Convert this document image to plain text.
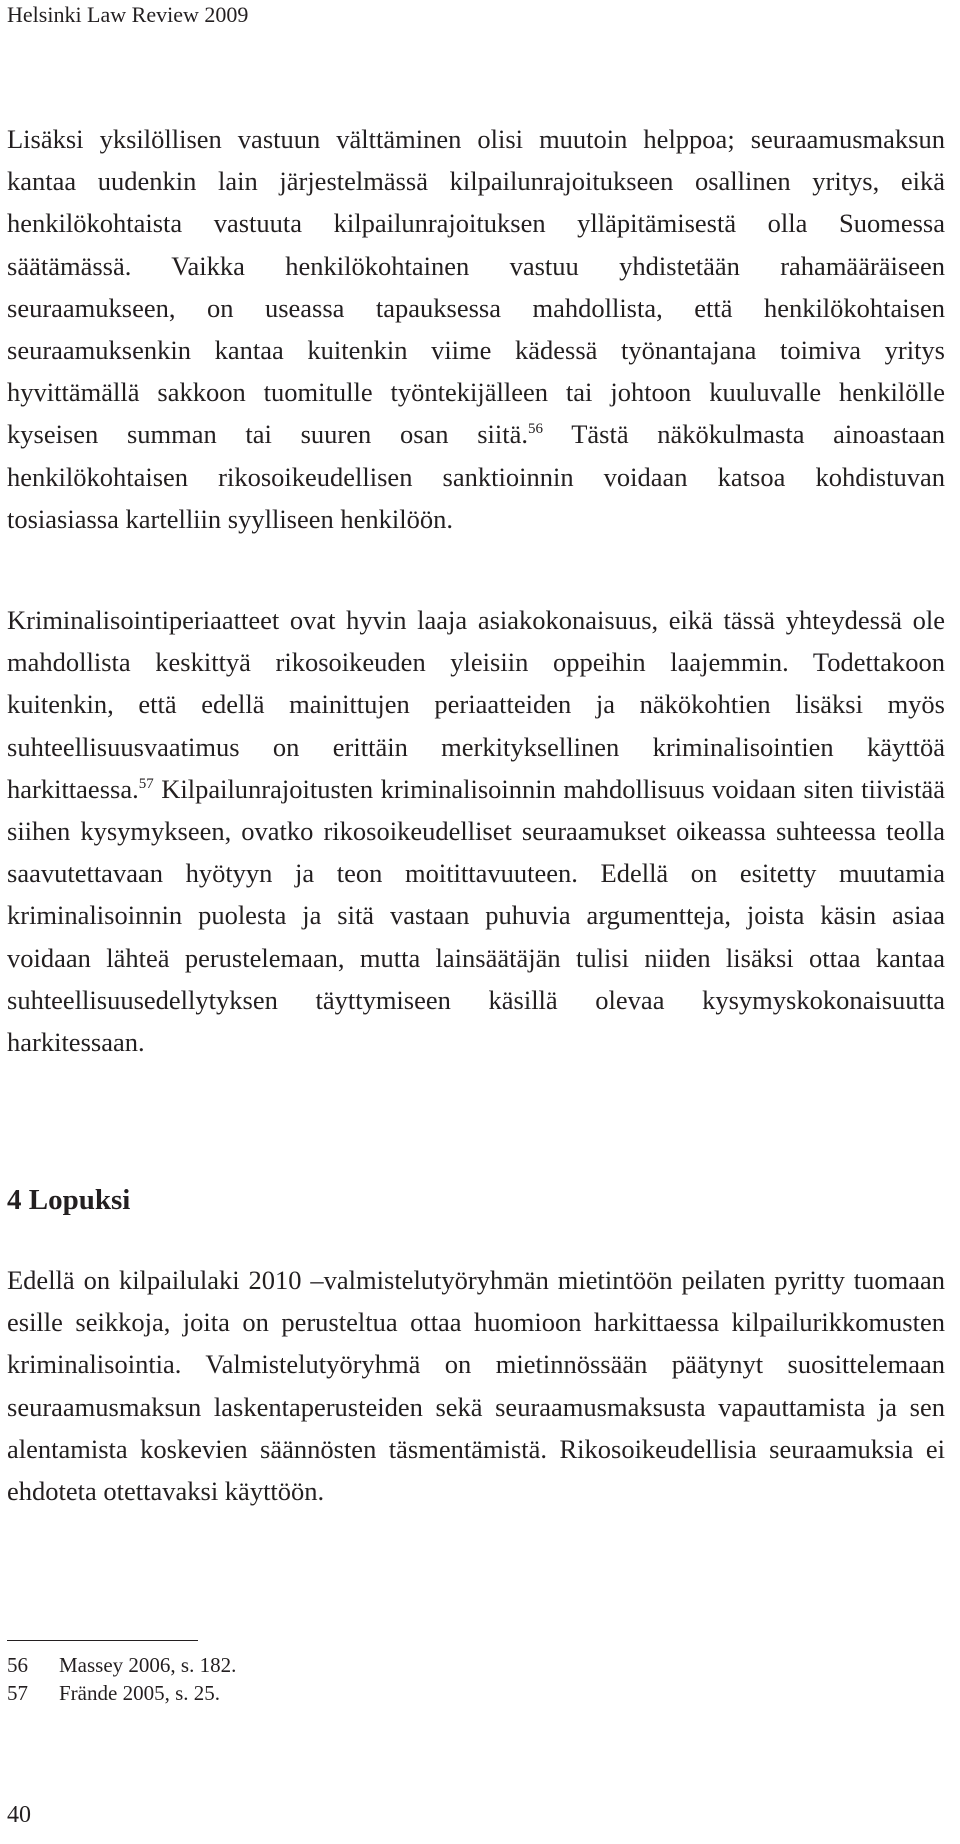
Helsinki Law Review 2009

Lisäksi yksilöllisen vastuun välttäminen olisi muutoin helppoa; seuraamusmaksun kantaa uudenkin lain järjestelmässä kilpailunrajoitukseen osallinen yritys, eikä henkilökohtaista vastuuta kilpailunrajoituksen ylläpitämisestä olla Suomessa säätämässä. Vaikka henkilökohtainen vastuu yhdistetään rahamääräiseen seuraamukseen, on useassa tapauksessa mahdollista, että henkilökohtaisen seuraamuksenkin kantaa kuitenkin viime kädessä työnantajana toimiva yritys hyvittämällä sakkoon tuomitulle työntekijälleen tai johtoon kuuluvalle henkilölle kyseisen summan tai suuren osan siitä.$^{56}$ Tästä näkökulmasta ainoastaan henkilökohtaisen rikosoikeudellisen sanktioinnin voidaan katsoa kohdistuvan tosiasiassa kartelliin syylliseen henkilöön.

Kriminalisointiperiaatteet ovat hyvin laaja asiakokonaisuus, eikä tässä yhteydessä ole mahdollista keskittyä rikosoikeuden yleisiin oppeihin laajemmin. Todettakoon kuitenkin, että edellä mainittujen periaatteiden ja näkökohtien lisäksi myös suhteellisuusvaatimus on erittäin merkityksellinen kriminalisointien käyttöä harkittaessa.$^{57}$ Kilpailunrajoitusten kriminalisoinnin mahdollisuus voidaan siten tiivistää siihen kysymykseen, ovatko rikosoikeudelliset seuraamukset oikeassa suhteessa teolla saavutettavaan hyötyyn ja teon moitittavuuteen. Edellä on esitetty muutamia kriminalisoinnin puolesta ja sitä vastaan puhuvia argumentteja, joista käsin asiaa voidaan lähteä perustelemaan, mutta lainsäätäjän tulisi niiden lisäksi ottaa kantaa suhteellisuusedellytyksen täyttymiseen käsillä olevaa kysymyskokonaisuutta harkitessaan.

4 Lopuksi

Edellä on kilpailulaki 2010 –valmistelutyöryhmän mietintöön peilaten pyritty tuomaan esille seikkoja, joita on perusteltua ottaa huomioon harkittaessa kilpailurikkomusten kriminalisointia. Valmistelutyöryhmä on mietinnössään päätynyt suosittelemaan seuraamusmaksun laskentaperusteiden sekä seuraamusmaksusta vapauttamista ja sen alentamista koskevien säännösten täsmentämistä. Rikosoikeudellisia seuraamuksia ei ehdoteta otettavaksi käyttöön.

56	Massey 2006, s. 182.
57	Frände 2005, s. 25.
40
